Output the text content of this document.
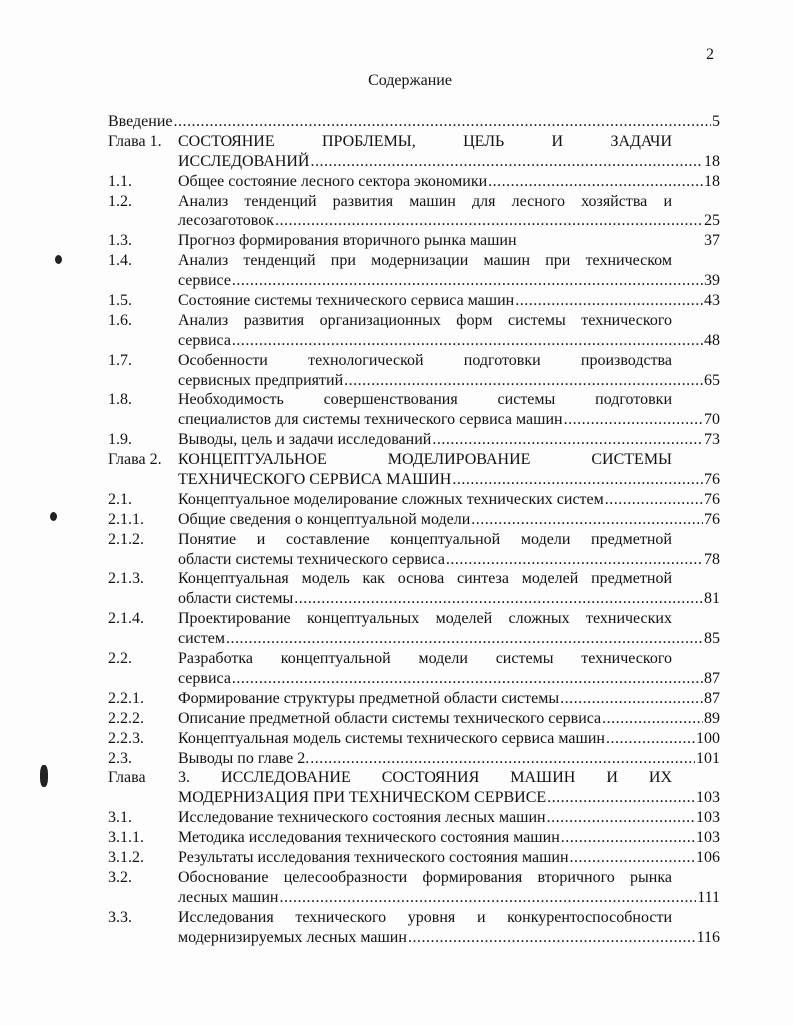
2
Содержание
Введение .....	5
Глава 1. СОСТОЯНИЕ ПРОБЛЕМЫ, ЦЕЛЬ И ЗАДАЧИ
ИССЛЕДОВАНИЙ .....	18
1.1.	Общее состояние лесного сектора экономики .....	18
1.2.	Анализ тенденций развития машин для лесного хозяйства и
лесозаготовок .....	25
1.3.	Прогноз формирования вторичного рынка машин	37
1.4.	Анализ тенденций при модернизации машин при техническом
сервисе .....	39
1.5.	Состояние системы технического сервиса машин .....	43
1.6.	Анализ развития организационных форм системы технического
сервиса .....	48
1.7.	Особенности технологической подготовки производства
сервисных предприятий .....	65
1.8.	Необходимость совершенствования системы подготовки
специалистов для системы технического сервиса машин .....	70
1.9.	Выводы, цель и задачи исследований .....	73
Глава 2. КОНЦЕПТУАЛЬНОЕ МОДЕЛИРОВАНИЕ СИСТЕМЫ
ТЕХНИЧЕСКОГО СЕРВИСА МАШИН .....	76
2.1.	Концептуальное моделирование сложных технических систем .....	76
2.1.1. Общие сведения о концептуальной модели .....	76
2.1.2. Понятие и составление концептуальной модели предметной
области системы технического сервиса .....	78
2.1.3. Концептуальная модель как основа синтеза моделей предметной
области системы .....	81
2.1.4. Проектирование концептуальных моделей сложных технических
систем .....	85
2.2.	Разработка концептуальной модели системы технического
сервиса .....	87
2.2.1. Формирование структуры предметной области системы .....	87
2.2.2. Описание предметной области системы технического сервиса .....	89
2.2.3. Концептуальная модель системы технического сервиса машин .....	100
2.3.	Выводы по главе 2. .....	101
Глава 3. ИССЛЕДОВАНИЕ СОСТОЯНИЯ МАШИН И ИХ
МОДЕРНИЗАЦИЯ ПРИ ТЕХНИЧЕСКОМ СЕРВИСЕ .....	103
3.1.	Исследование технического состояния лесных машин .....	103
3.1.1. Методика исследования технического состояния машин .....	103
3.1.2. Результаты исследования технического состояния машин .....	106
3.2.	Обоснование целесообразности формирования вторичного рынка
лесных машин .....	111
3.3.	Исследования технического уровня и конкурентоспособности
модернизируемых лесных машин .....	116
